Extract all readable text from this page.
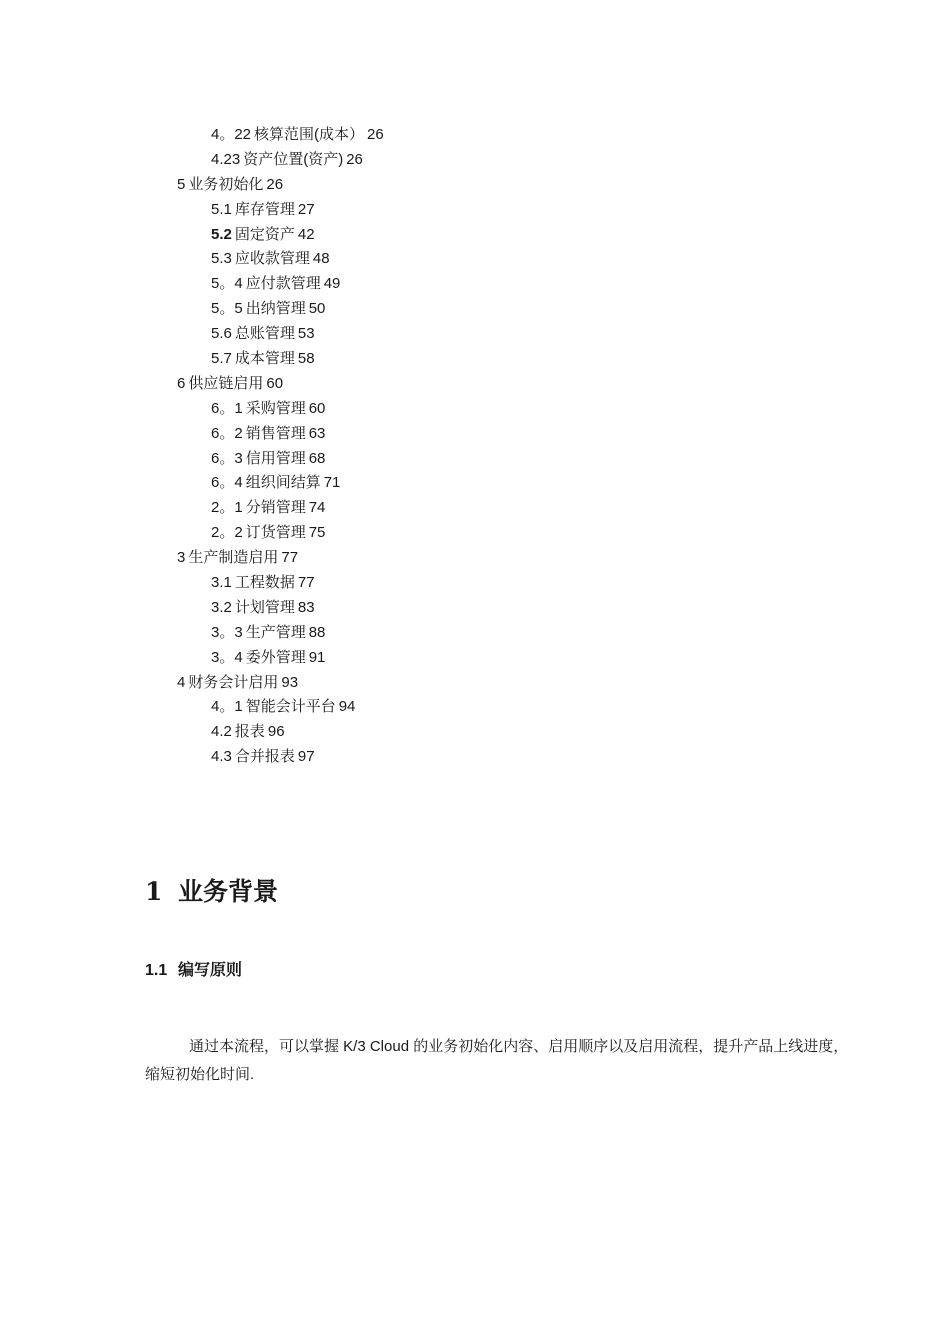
4。22 核算范围(成本） 26
4.23 资产位置(资产) 26
5 业务初始化 26
5.1 库存管理 27
5.2 固定资产 42
5.3 应收款管理 48
5。4 应付款管理 49
5。5 出纳管理 50
5.6 总账管理 53
5.7 成本管理 58
6 供应链启用 60
6。1 采购管理 60
6。2 销售管理 63
6。3 信用管理 68
6。4 组织间结算 71
2。1 分销管理 74
2。2 订货管理 75
3 生产制造启用 77
3.1 工程数据 77
3.2 计划管理 83
3。3 生产管理 88
3。4 委外管理 91
4 财务会计启用 93
4。1 智能会计平台 94
4.2 报表 96
4.3 合并报表 97
1 业务背景
1.1 编写原则

通过本流程，可以掌握 K/3 Cloud 的业务初始化内容、启用顺序以及启用流程，提升产品上线进度，缩短初始化时间.
